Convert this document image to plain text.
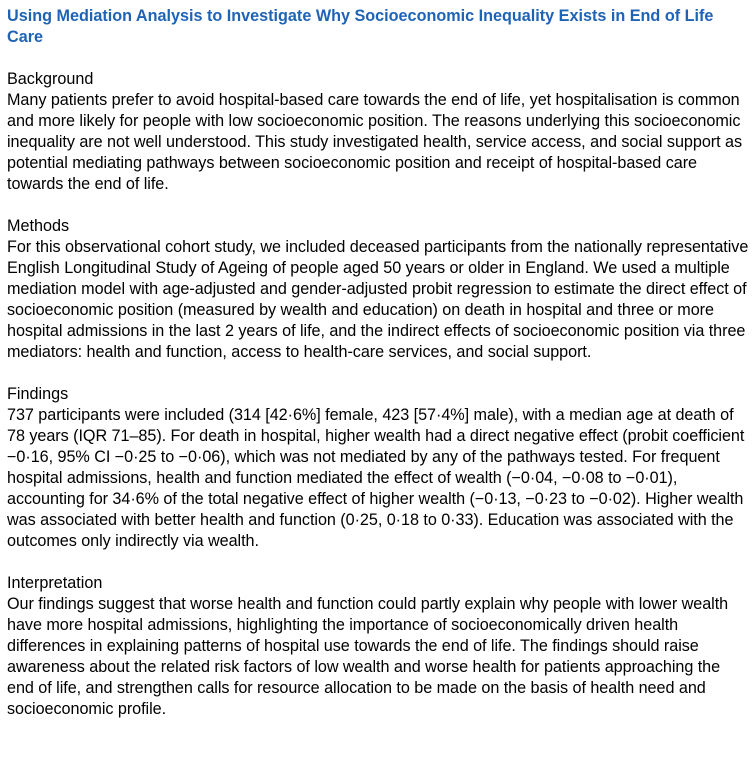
Using Mediation Analysis to Investigate Why Socioeconomic Inequality Exists in End of Life Care

Background

Many patients prefer to avoid hospital-based care towards the end of life, yet hospitalisation is common and more likely for people with low socioeconomic position. The reasons underlying this socioeconomic inequality are not well understood. This study investigated health, service access, and social support as potential mediating pathways between socioeconomic position and receipt of hospital-based care towards the end of life.

Methods

For this observational cohort study, we included deceased participants from the nationally representative English Longitudinal Study of Ageing of people aged 50 years or older in England. We used a multiple mediation model with age-adjusted and gender-adjusted probit regression to estimate the direct effect of socioeconomic position (measured by wealth and education) on death in hospital and three or more hospital admissions in the last 2 years of life, and the indirect effects of socioeconomic position via three mediators: health and function, access to health-care services, and social support.

Findings

737 participants were included (314 [42·6%] female, 423 [57·4%] male), with a median age at death of 78 years (IQR 71–85). For death in hospital, higher wealth had a direct negative effect (probit coefficient −0·16, 95% CI −0·25 to −0·06), which was not mediated by any of the pathways tested. For frequent hospital admissions, health and function mediated the effect of wealth (−0·04, −0·08 to −0·01), accounting for 34·6% of the total negative effect of higher wealth (−0·13, −0·23 to −0·02). Higher wealth was associated with better health and function (0·25, 0·18 to 0·33). Education was associated with the outcomes only indirectly via wealth.

Interpretation

Our findings suggest that worse health and function could partly explain why people with lower wealth have more hospital admissions, highlighting the importance of socioeconomically driven health differences in explaining patterns of hospital use towards the end of life. The findings should raise awareness about the related risk factors of low wealth and worse health for patients approaching the end of life, and strengthen calls for resource allocation to be made on the basis of health need and socioeconomic profile.
